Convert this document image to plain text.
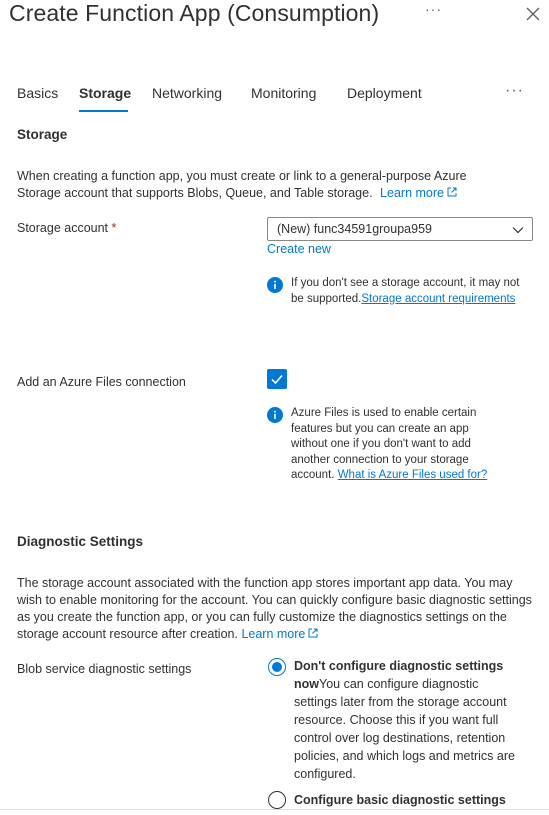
Create Function App (Consumption)	···
Basics Storage Networking Monitoring Deployment	···
Storage
When creating a function app, you must create or link to a general-purpose Azure
Storage account that supports Blobs, Queue, and Table storage. Learn more
Storage account *	(New) func34591groupa959
Create new
If you don't see a storage account, it may not be supported.Storage account requirements
Add an Azure Files connection
Azure Files is used to enable certain features but you can create an app without one if you don't want to add another connection to your storage account. What is Azure Files used for?
Diagnostic Settings
The storage account associated with the function app stores important app data. You may wish to enable monitoring for the account. You can quickly configure basic diagnostic settings as you create the function app, or you can fully customize the diagnostics settings on the storage account resource after creation. Learn more
Blob service diagnostic settings	Don't configure diagnostic settings nowYou can configure diagnostic settings later from the storage account resource. Choose this if you want full control over log destinations, retention policies, and which logs and metrics are configured.
Configure basic diagnostic settings
